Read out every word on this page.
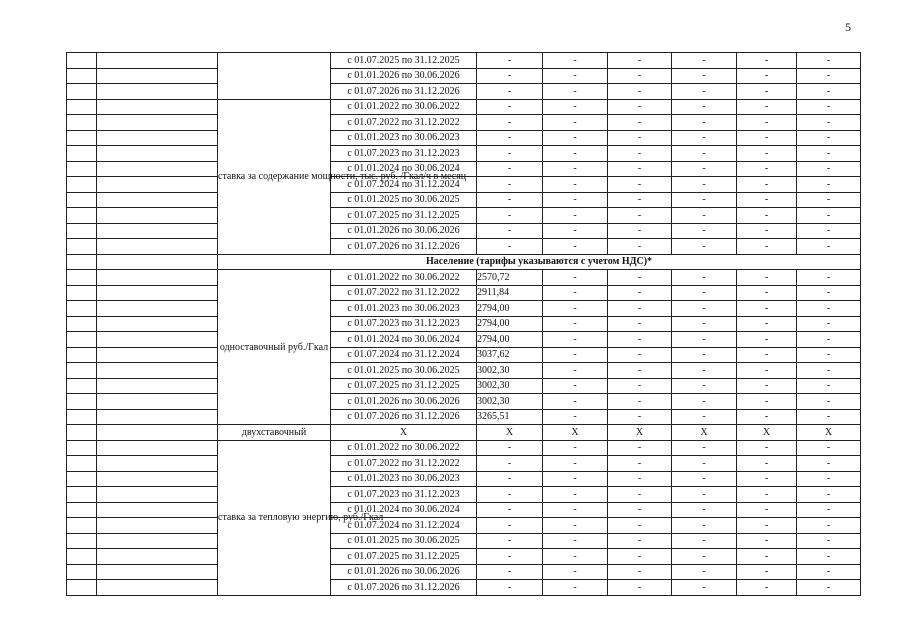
5
			с 01.07.2025 по 31.12.2025	-	-	-	-	-	-
			с 01.01.2026 по 30.06.2026	-	-	-	-	-	-
			с 01.07.2026 по 31.12.2026	-	-	-	-	-	-
		ставка за содержание мощности, тыс. руб. /Гкал/ч в месяц	с 01.01.2022 по 30.06.2022	-	-	-	-	-	-
			с 01.07.2022 по 31.12.2022	-	-	-	-	-	-
			с 01.01.2023 по 30.06.2023	-	-	-	-	-	-
			с 01.07.2023 по 31.12.2023	-	-	-	-	-	-
			с 01.01.2024 по 30.06.2024	-	-	-	-	-	-
			с 01.07.2024 по 31.12.2024	-	-	-	-	-	-
			с 01.01.2025 по 30.06.2025	-	-	-	-	-	-
			с 01.07.2025 по 31.12.2025	-	-	-	-	-	-
			с 01.01.2026 по 30.06.2026	-	-	-	-	-	-
			с 01.07.2026 по 31.12.2026	-	-	-	-	-	-
		Население (тарифы указываются с учетом НДС)*							
		одноставочный руб./Гкал	с 01.01.2022 по 30.06.2022	2570,72	-	-	-	-	-
			с 01.07.2022 по 31.12.2022	2911,84	-	-	-	-	-
			с 01.01.2023 по 30.06.2023	2794,00	-	-	-	-	-
			с 01.07.2023 по 31.12.2023	2794,00	-	-	-	-	-
			с 01.01.2024 по 30.06.2024	2794,00	-	-	-	-	-
			с 01.07.2024 по 31.12.2024	3037,62	-	-	-	-	-
			с 01.01.2025 по 30.06.2025	3002,30	-	-	-	-	-
			с 01.07.2025 по 31.12.2025	3002,30	-	-	-	-	-
			с 01.01.2026 по 30.06.2026	3002,30	-	-	-	-	-
			с 01.07.2026 по 31.12.2026	3265,51	-	-	-	-	-
		двухставочный	X	X	X	X	X	X	X
		ставка за тепловую энергию, руб./Гкал	с 01.01.2022 по 30.06.2022	-	-	-	-	-	-
			с 01.07.2022 по 31.12.2022	-	-	-	-	-	-
			с 01.01.2023 по 30.06.2023	-	-	-	-	-	-
			с 01.07.2023 по 31.12.2023	-	-	-	-	-	-
			с 01.01.2024 по 30.06.2024	-	-	-	-	-	-
			с 01.07.2024 по 31.12.2024	-	-	-	-	-	-
			с 01.01.2025 по 30.06.2025	-	-	-	-	-	-
			с 01.07.2025 по 31.12.2025	-	-	-	-	-	-
			с 01.01.2026 по 30.06.2026	-	-	-	-	-	-
			с 01.07.2026 по 31.12.2026	-	-	-	-	-	-
